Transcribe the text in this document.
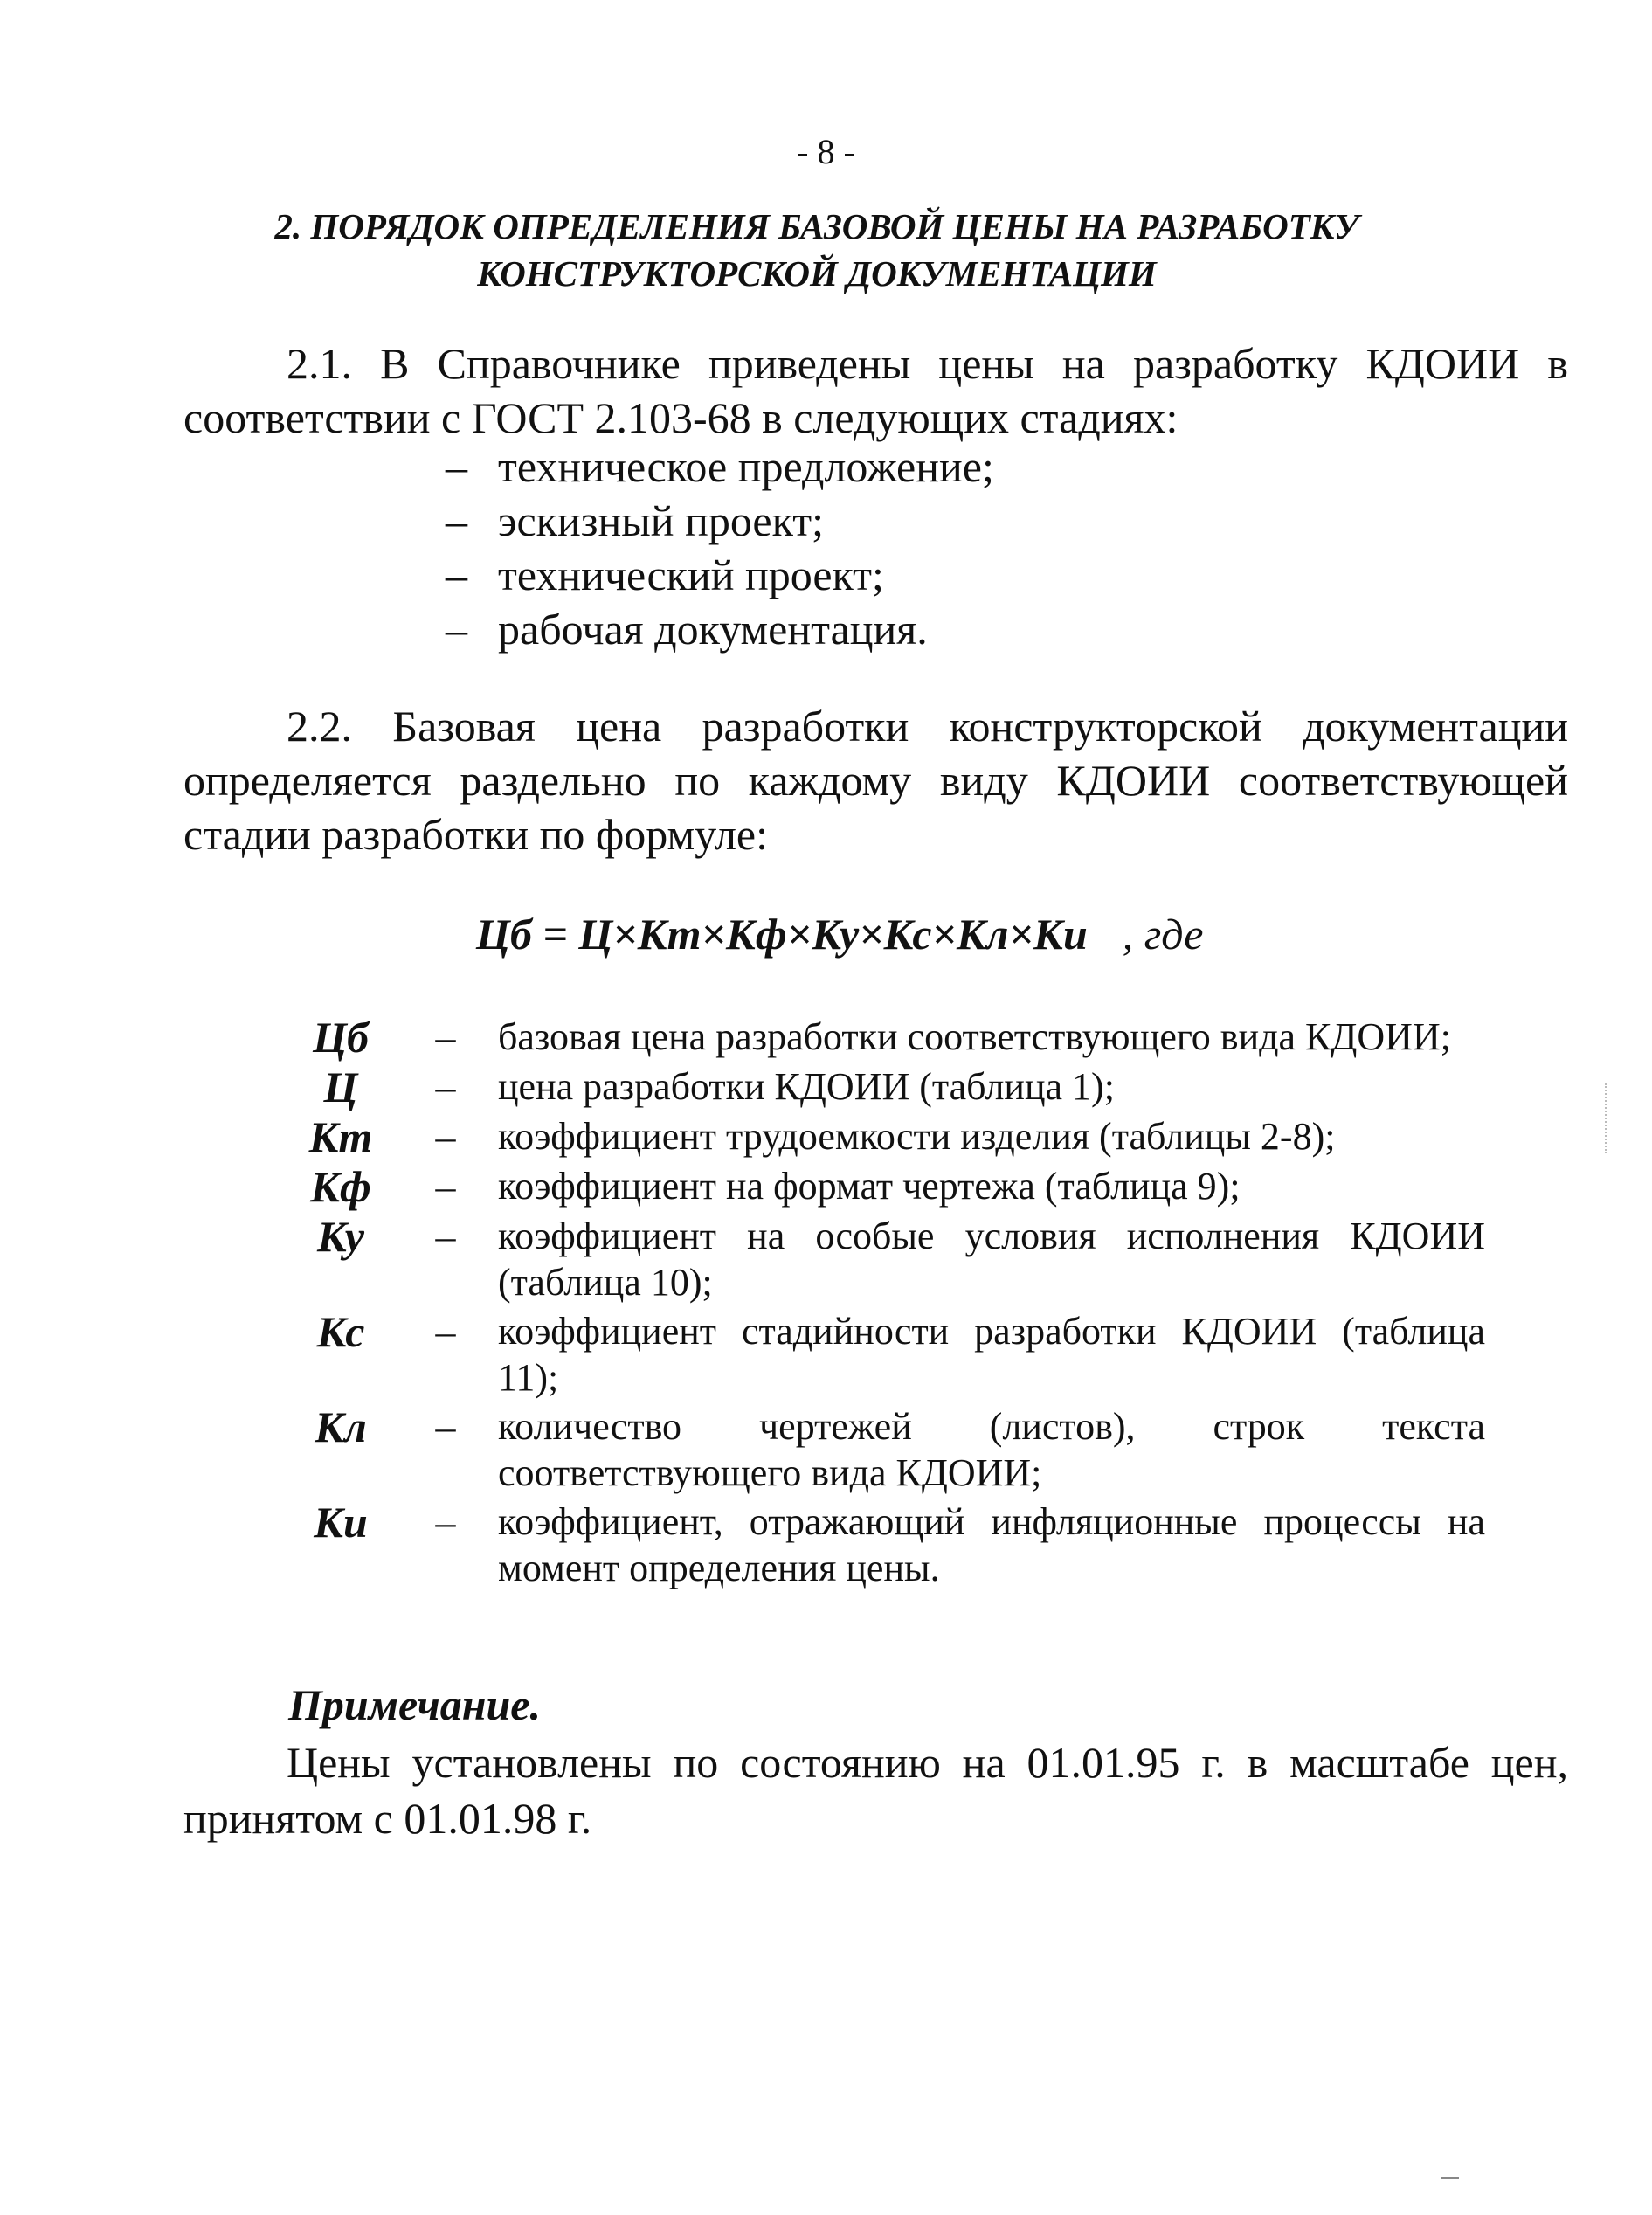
- 8 -
2. ПОРЯДОК ОПРЕДЕЛЕНИЯ БАЗОВОЙ ЦЕНЫ НА РАЗРАБОТКУ
КОНСТРУКТОРСКОЙ ДОКУМЕНТАЦИИ
2.1. В Справочнике приведены цены на разработку КДОИИ в соответствии с ГОСТ 2.103-68 в следующих стадиях:
– техническое предложение;
– эскизный проект;
– технический проект;
– рабочая документация.
2.2. Базовая цена разработки конструкторской документации определяется раздельно по каждому виду КДОИИ соответствующей стадии разработки по формуле:
Цб = Ц×Кт×Кф×Ку×Кс×Кл×Ки , где
Цб	–	базовая цена разработки соответствующего вида КДОИИ;
Ц	–	цена разработки КДОИИ (таблица 1);
Кт	–	коэффициент трудоемкости изделия (таблицы 2-8);
Кф	–	коэффициент на формат чертежа (таблица 9);
Ку	–	коэффициент на особые условия исполнения КДОИИ (таблица 10);
Кс	–	коэффициент стадийности разработки КДОИИ (таблица 11);
Кл	–	количество чертежей (листов), строк текста соответствующего вида КДОИИ;
Ки	–	коэффициент, отражающий инфляционные процессы на момент определения цены.
Примечание.
Цены установлены по состоянию на 01.01.95 г. в масштабе цен, принятом с 01.01.98 г.
